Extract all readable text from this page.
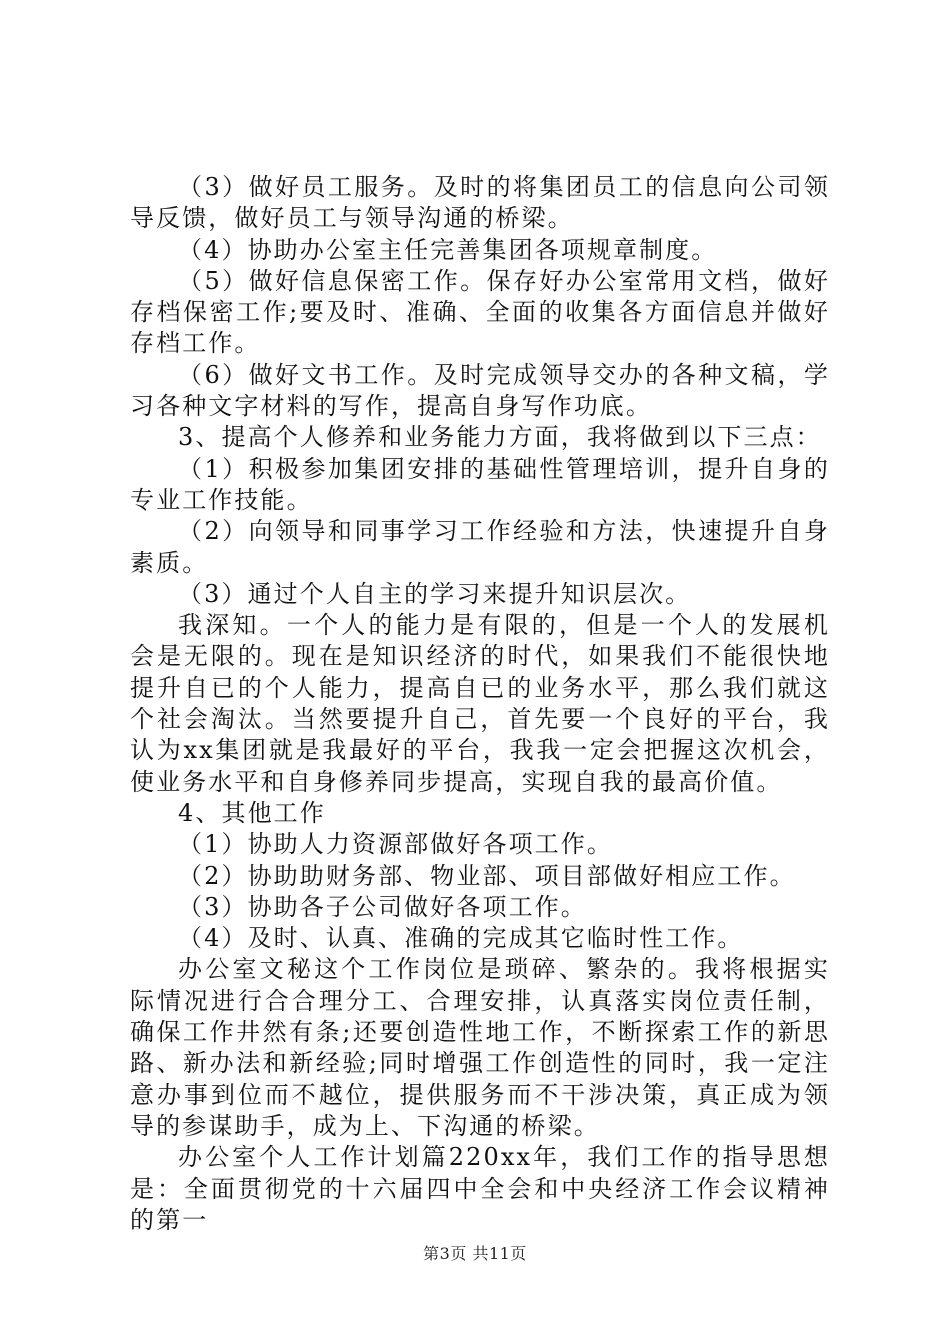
（3）做好员工服务。及时的将集团员工的信息向公司领导反馈，做好员工与领导沟通的桥梁。

（4）协助办公室主任完善集团各项规章制度。

（5）做好信息保密工作。保存好办公室常用文档，做好存档保密工作;要及时、准确、全面的收集各方面信息并做好存档工作。

（6）做好文书工作。及时完成领导交办的各种文稿，学习各种文字材料的写作，提高自身写作功底。

3、提高个人修养和业务能力方面，我将做到以下三点：

（1）积极参加集团安排的基础性管理培训，提升自身的专业工作技能。

（2）向领导和同事学习工作经验和方法，快速提升自身素质。

（3）通过个人自主的学习来提升知识层次。

我深知。一个人的能力是有限的，但是一个人的发展机会是无限的。现在是知识经济的时代，如果我们不能很快地提升自已的个人能力，提高自已的业务水平，那么我们就这个社会淘汰。当然要提升自己，首先要一个良好的平台，我认为xx集团就是我最好的平台，我我一定会把握这次机会，使业务水平和自身修养同步提高，实现自我的最高价值。

4、其他工作

（1）协助人力资源部做好各项工作。

（2）协助助财务部、物业部、项目部做好相应工作。

（3）协助各子公司做好各项工作。

（4）及时、认真、准确的完成其它临时性工作。

办公室文秘这个工作岗位是琐碎、繁杂的。我将根据实际情况进行合合理分工、合理安排，认真落实岗位责任制，确保工作井然有条;还要创造性地工作，不断探索工作的新思路、新办法和新经验;同时增强工作创造性的同时，我一定注意办事到位而不越位，提供服务而不干涉决策，真正成为领导的参谋助手，成为上、下沟通的桥梁。

办公室个人工作计划篇220xx年，我们工作的指导思想是：全面贯彻党的十六届四中全会和中央经济工作会议精神的第一

第3页 共11页
